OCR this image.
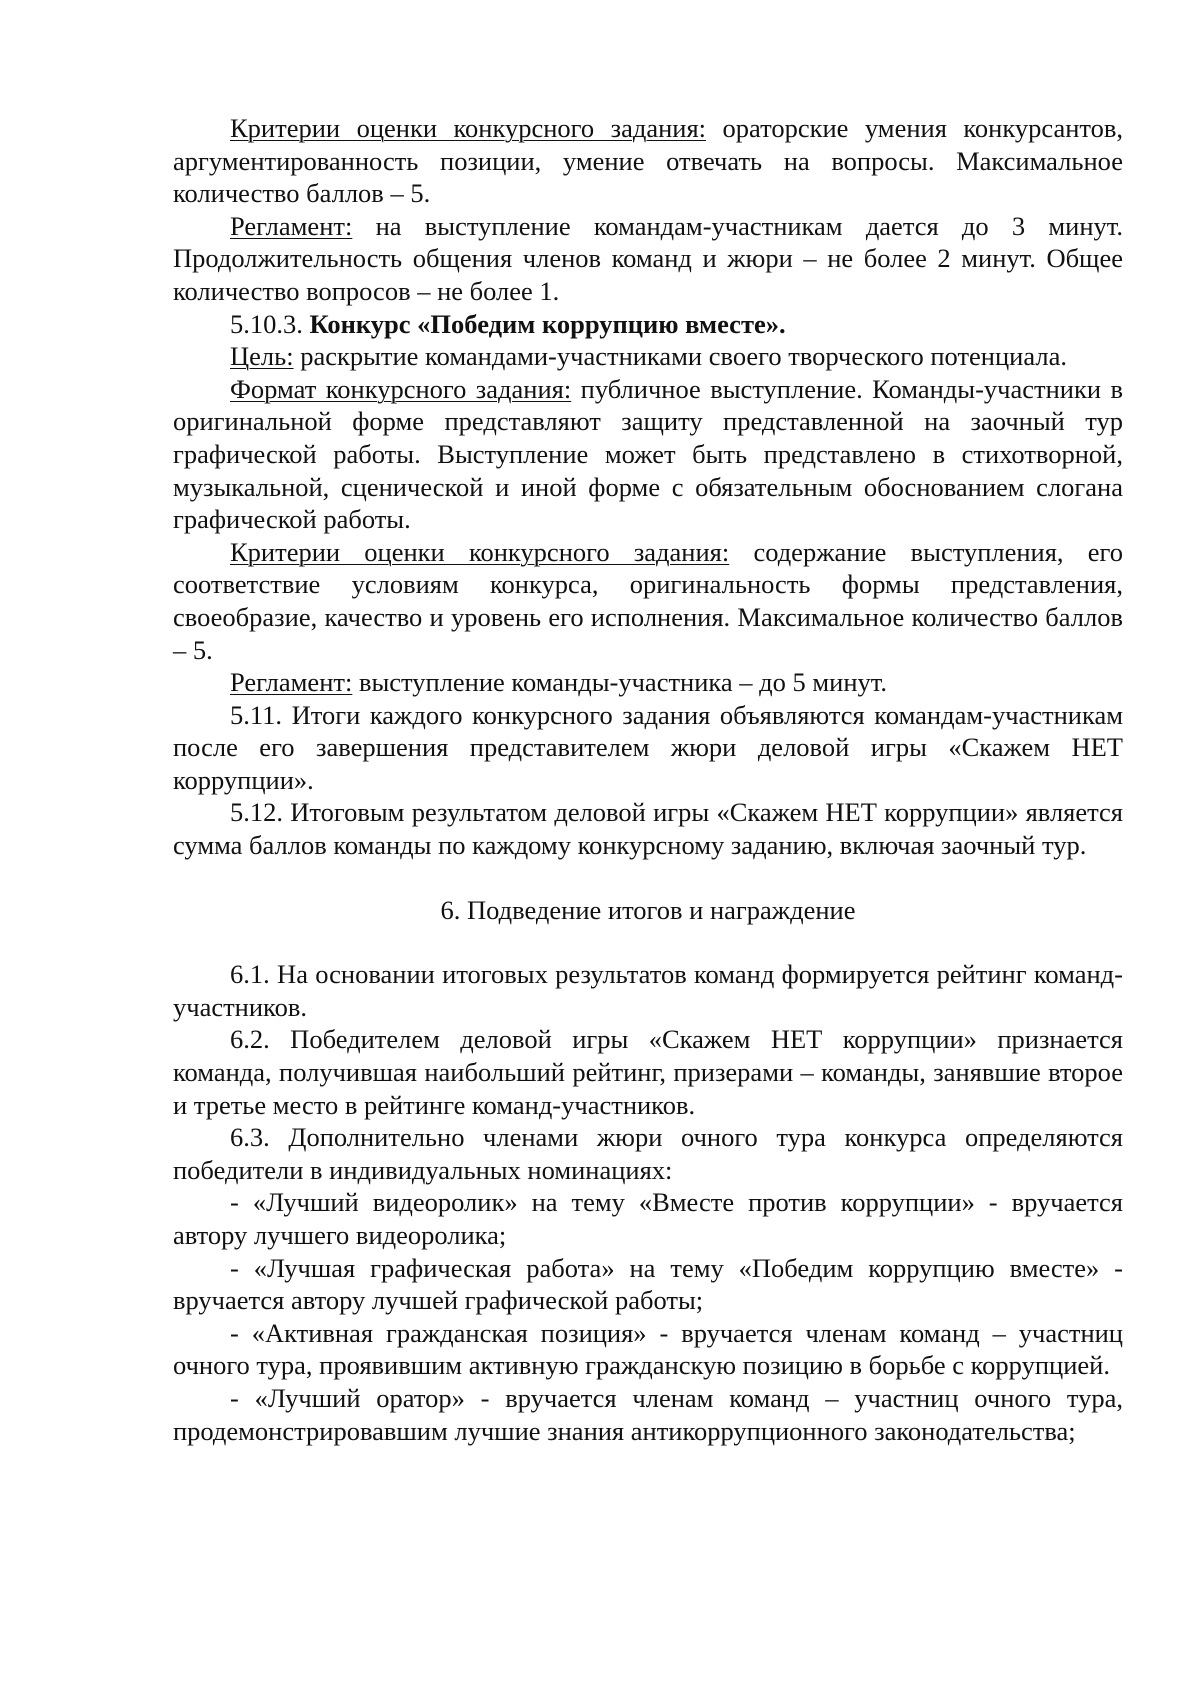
Критерии оценки конкурсного задания: ораторские умения конкурсантов, аргументированность позиции, умение отвечать на вопросы. Максимальное количество баллов – 5.

Регламент: на выступление командам-участникам дается до 3 минут. Продолжительность общения членов команд и жюри – не более 2 минут. Общее количество вопросов – не более 1.

5.10.3. Конкурс «Победим коррупцию вместе».

Цель: раскрытие командами-участниками своего творческого потенциала.

Формат конкурсного задания: публичное выступление. Команды-участники в оригинальной форме представляют защиту представленной на заочный тур графической работы. Выступление может быть представлено в стихотворной, музыкальной, сценической и иной форме с обязательным обоснованием слогана графической работы.

Критерии оценки конкурсного задания: содержание выступления, его соответствие условиям конкурса, оригинальность формы представления, своеобразие, качество и уровень его исполнения. Максимальное количество баллов – 5.

Регламент: выступление команды-участника – до 5 минут.

5.11. Итоги каждого конкурсного задания объявляются командам-участникам после его завершения представителем жюри деловой игры «Скажем НЕТ коррупции».

5.12. Итоговым результатом деловой игры «Скажем НЕТ коррупции» является сумма баллов команды по каждому конкурсному заданию, включая заочный тур.

6. Подведение итогов и награждение

6.1. На основании итоговых результатов команд формируется рейтинг команд-участников.

6.2. Победителем деловой игры «Скажем НЕТ коррупции» признается команда, получившая наибольший рейтинг, призерами – команды, занявшие второе и третье место в рейтинге команд-участников.

6.3. Дополнительно членами жюри очного тура конкурса определяются победители в индивидуальных номинациях:

- «Лучший видеоролик» на тему «Вместе против коррупции» - вручается автору лучшего видеоролика;

- «Лучшая графическая работа» на тему «Победим коррупцию вместе» - вручается автору лучшей графической работы;

- «Активная гражданская позиция» - вручается членам команд – участниц очного тура, проявившим активную гражданскую позицию в борьбе с коррупцией.

- «Лучший оратор» - вручается членам команд – участниц очного тура, продемонстрировавшим лучшие знания антикоррупционного законодательства;
